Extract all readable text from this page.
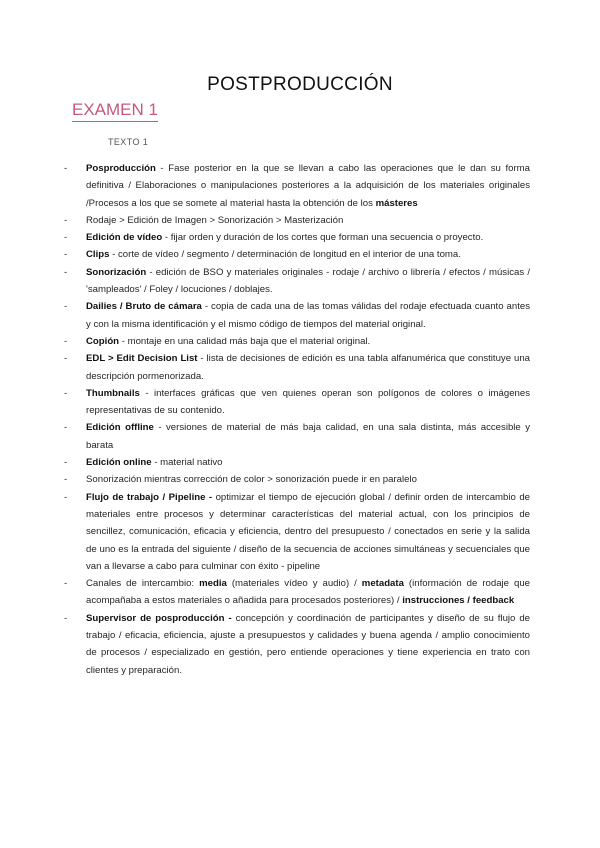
POSTPRODUCCIÓN
EXAMEN 1
TEXTO 1
- Posproducción - Fase posterior en la que se llevan a cabo las operaciones que le dan su forma definitiva / Elaboraciones o manipulaciones posteriores a la adquisición de los materiales originales /Procesos a los que se somete al material hasta la obtención de los másteres
- Rodaje > Edición de Imagen > Sonorización > Masterización
- Edición de vídeo - fijar orden y duración de los cortes que forman una secuencia o proyecto.
- Clips - corte de vídeo / segmento / determinación de longitud en el interior de una toma.
- Sonorización - edición de BSO y materiales originales - rodaje / archivo o librería / efectos / músicas / 'sampleados' / Foley / locuciones / doblajes.
- Dailies / Bruto de cámara - copia de cada una de las tomas válidas del rodaje efectuada cuanto antes y con la misma identificación y el mismo código de tiempos del material original.
- Copión - montaje en una calidad más baja que el material original.
- EDL > Edit Decision List - lista de decisiones de edición es una tabla alfanumérica que constituye una descripción pormenorizada.
- Thumbnails - interfaces gráficas que ven quienes operan son polígonos de colores o imágenes representativas de su contenido.
- Edición offline - versiones de material de más baja calidad, en una sala distinta, más accesible y barata
- Edición online - material nativo
- Sonorización mientras corrección de color > sonorización puede ir en paralelo
- Flujo de trabajo / Pipeline - optimizar el tiempo de ejecución global / definir orden de intercambio de materiales entre procesos y determinar características del material actual, con los principios de sencillez, comunicación, eficacia y eficiencia, dentro del presupuesto / conectados en serie y la salida de uno es la entrada del siguiente / diseño de la secuencia de acciones simultáneas y secuenciales que van a llevarse a cabo para culminar con éxito - pipeline
- Canales de intercambio: media (materiales vídeo y audio) / metadata (información de rodaje que acompañaba a estos materiales o añadida para procesados posteriores) / instrucciones / feedback
- Supervisor de posproducción - concepción y coordinación de participantes y diseño de su flujo de trabajo / eficacia, eficiencia, ajuste a presupuestos y calidades y buena agenda / amplio conocimiento de procesos / especializado en gestión, pero entiende operaciones y tiene experiencia en trato con clientes y preparación.
